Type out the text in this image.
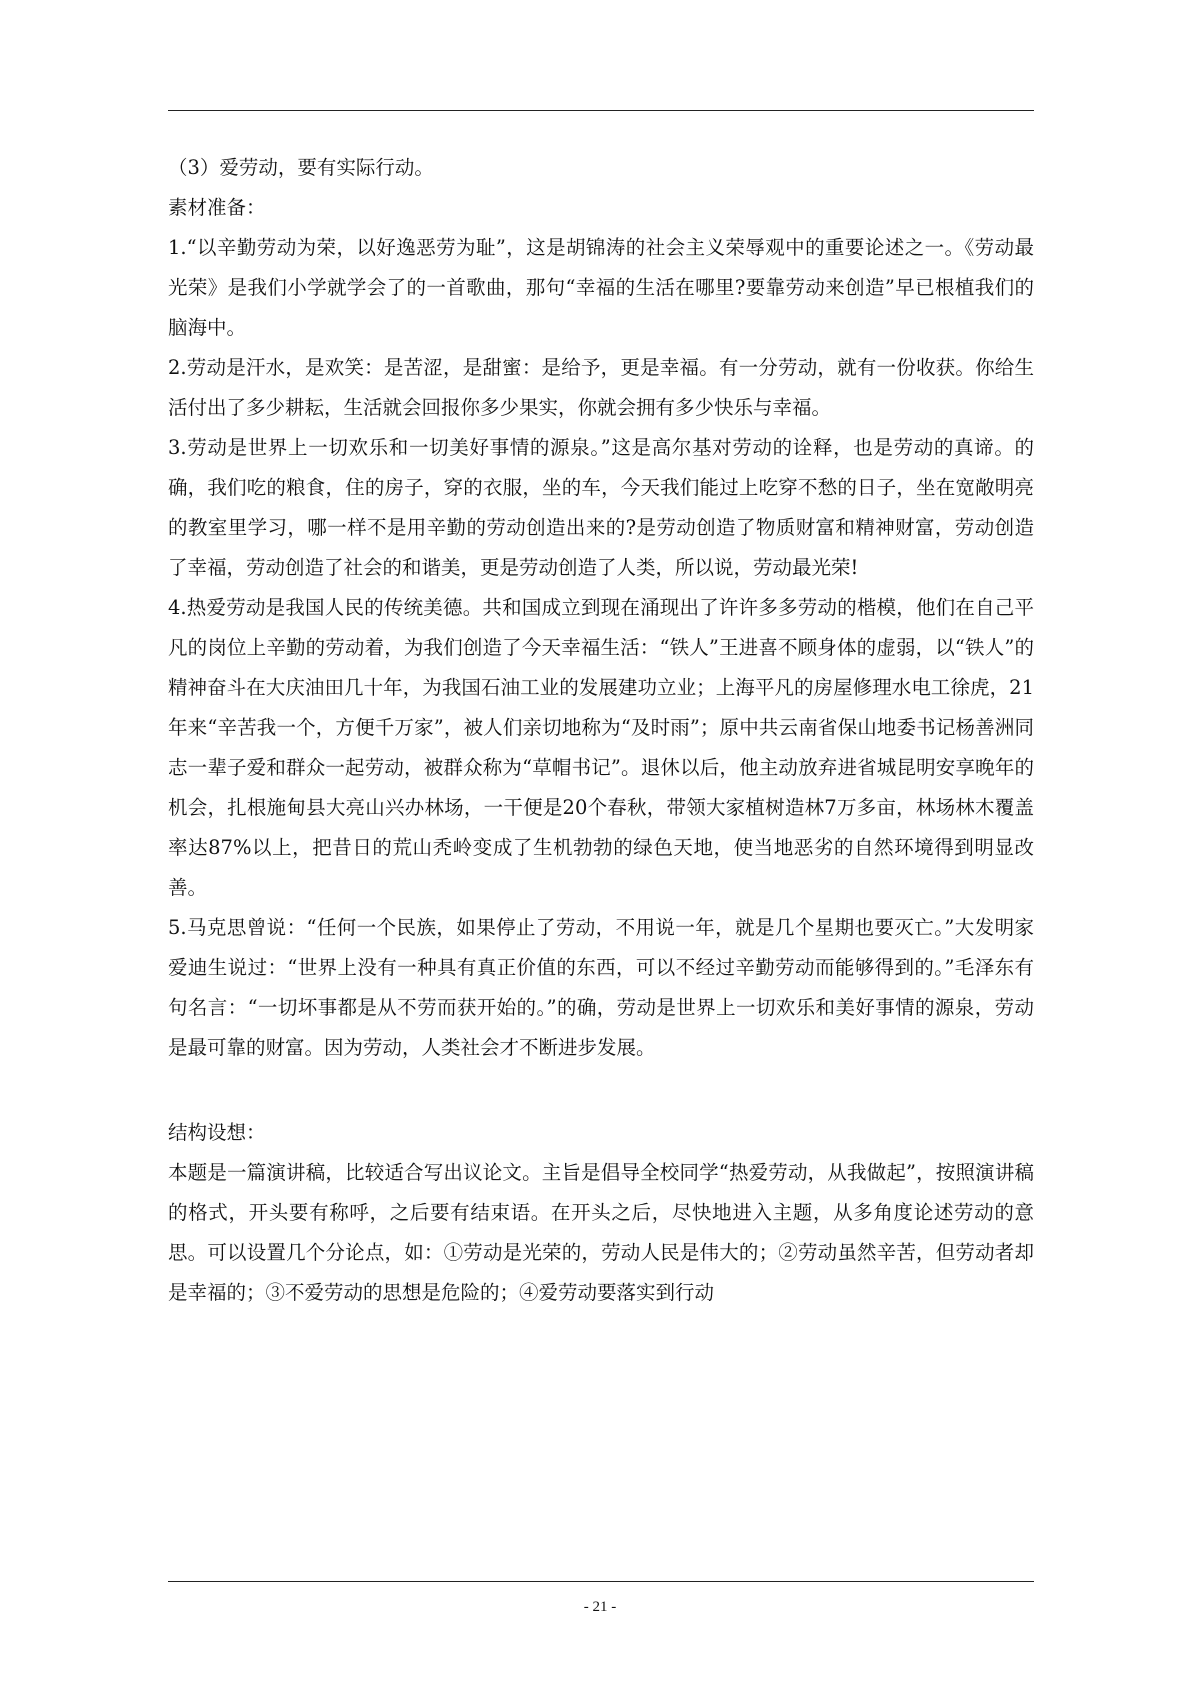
（3）爱劳动，要有实际行动。

素材准备：

1.“以辛勤劳动为荣，以好逸恶劳为耻”，这是胡锦涛的社会主义荣辱观中的重要论述之一。《劳动最光荣》是我们小学就学会了的一首歌曲，那句“幸福的生活在哪里?要靠劳动来创造”早已根植我们的脑海中。

2.劳动是汗水，是欢笑：是苦涩，是甜蜜：是给予，更是幸福。有一分劳动，就有一份收获。你给生活付出了多少耕耘，生活就会回报你多少果实，你就会拥有多少快乐与幸福。

3.劳动是世界上一切欢乐和一切美好事情的源泉。”这是高尔基对劳动的诠释，也是劳动的真谛。的确，我们吃的粮食，住的房子，穿的衣服，坐的车，今天我们能过上吃穿不愁的日子，坐在宽敞明亮的教室里学习，哪一样不是用辛勤的劳动创造出来的?是劳动创造了物质财富和精神财富，劳动创造了幸福，劳动创造了社会的和谐美，更是劳动创造了人类，所以说，劳动最光荣!

4.热爱劳动是我国人民的传统美德。共和国成立到现在涌现出了许许多多劳动的楷模，他们在自己平凡的岗位上辛勤的劳动着，为我们创造了今天幸福生活：“铁人”王进喜不顾身体的虚弱，以“铁人”的精神奋斗在大庆油田几十年，为我国石油工业的发展建功立业；上海平凡的房屋修理水电工徐虎，21年来“辛苦我一个，方便千万家”，被人们亲切地称为“及时雨”；原中共云南省保山地委书记杨善洲同志一辈子爱和群众一起劳动，被群众称为“草帽书记”。退休以后，他主动放弃进省城昆明安享晚年的机会，扎根施甸县大亮山兴办林场，一干便是20个春秋，带领大家植树造林7万多亩，林场林木覆盖率达87%以上，把昔日的荒山秃岭变成了生机勃勃的绿色天地，使当地恶劣的自然环境得到明显改善。

5.马克思曾说：“任何一个民族，如果停止了劳动，不用说一年，就是几个星期也要灭亡。”大发明家爱迪生说过：“世界上没有一种具有真正价值的东西，可以不经过辛勤劳动而能够得到的。”毛泽东有句名言：“一切坏事都是从不劳而获开始的。”的确，劳动是世界上一切欢乐和美好事情的源泉，劳动是最可靠的财富。因为劳动，人类社会才不断进步发展。

结构设想：

本题是一篇演讲稿，比较适合写出议论文。主旨是倡导全校同学“热爱劳动，从我做起”，按照演讲稿的格式，开头要有称呼，之后要有结束语。在开头之后，尽快地进入主题，从多角度论述劳动的意思。可以设置几个分论点，如：①劳动是光荣的，劳动人民是伟大的；②劳动虽然辛苦，但劳动者却是幸福的；③不爱劳动的思想是危险的；④爱劳动要落实到行动

- 21 -
